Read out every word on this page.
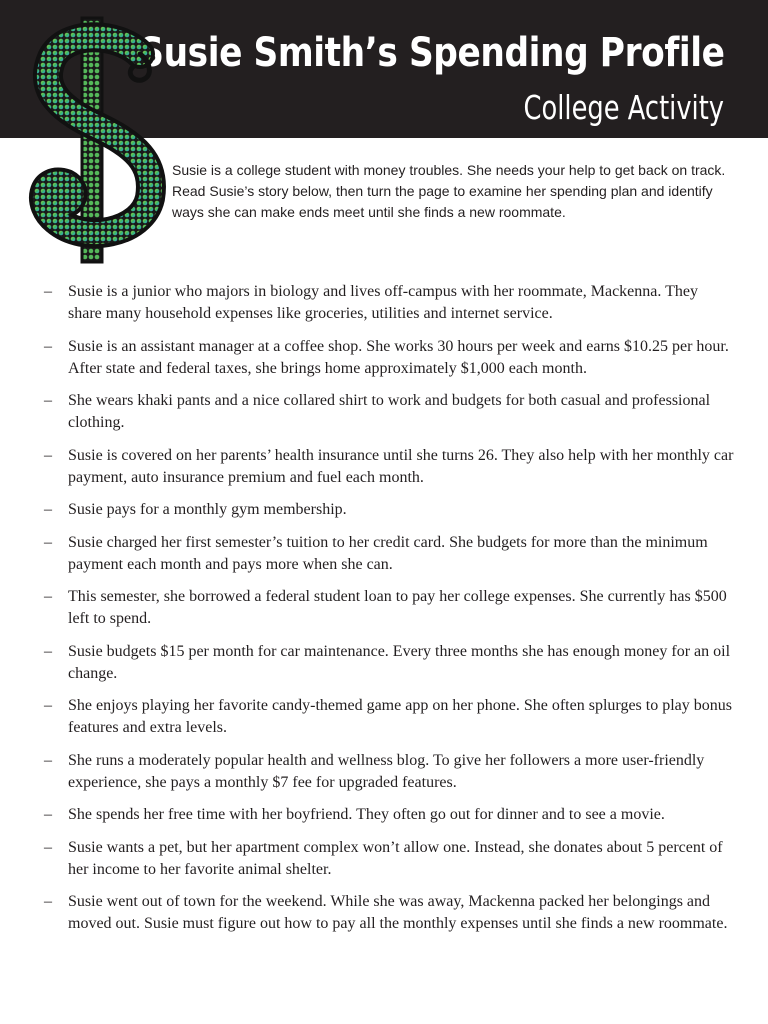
Susie Smith’s Spending Profile
College Activity
Susie is a college student with money troubles. She needs your help to get back on track. Read Susie’s story below, then turn the page to examine her spending plan and identify ways she can make ends meet until she finds a new roommate.
– Susie is a junior who majors in biology and lives off-campus with her roommate, Mackenna. They share many household expenses like groceries, utilities and internet service.
– Susie is an assistant manager at a coffee shop. She works 30 hours per week and earns $10.25 per hour. After state and federal taxes, she brings home approximately $1,000 each month.
– She wears khaki pants and a nice collared shirt to work and budgets for both casual and professional clothing.
– Susie is covered on her parents’ health insurance until she turns 26. They also help with her monthly car payment, auto insurance premium and fuel each month.
– Susie pays for a monthly gym membership.
– Susie charged her first semester’s tuition to her credit card. She budgets for more than the minimum payment each month and pays more when she can.
– This semester, she borrowed a federal student loan to pay her college expenses. She currently has $500 left to spend.
– Susie budgets $15 per month for car maintenance. Every three months she has enough money for an oil change.
– She enjoys playing her favorite candy-themed game app on her phone. She often splurges to play bonus features and extra levels.
– She runs a moderately popular health and wellness blog. To give her followers a more user-friendly experience, she pays a monthly $7 fee for upgraded features.
– She spends her free time with her boyfriend. They often go out for dinner and to see a movie.
– Susie wants a pet, but her apartment complex won’t allow one. Instead, she donates about 5 percent of her income to her favorite animal shelter.
– Susie went out of town for the weekend. While she was away, Mackenna packed her belongings and moved out. Susie must figure out how to pay all the monthly expenses until she finds a new roommate.
